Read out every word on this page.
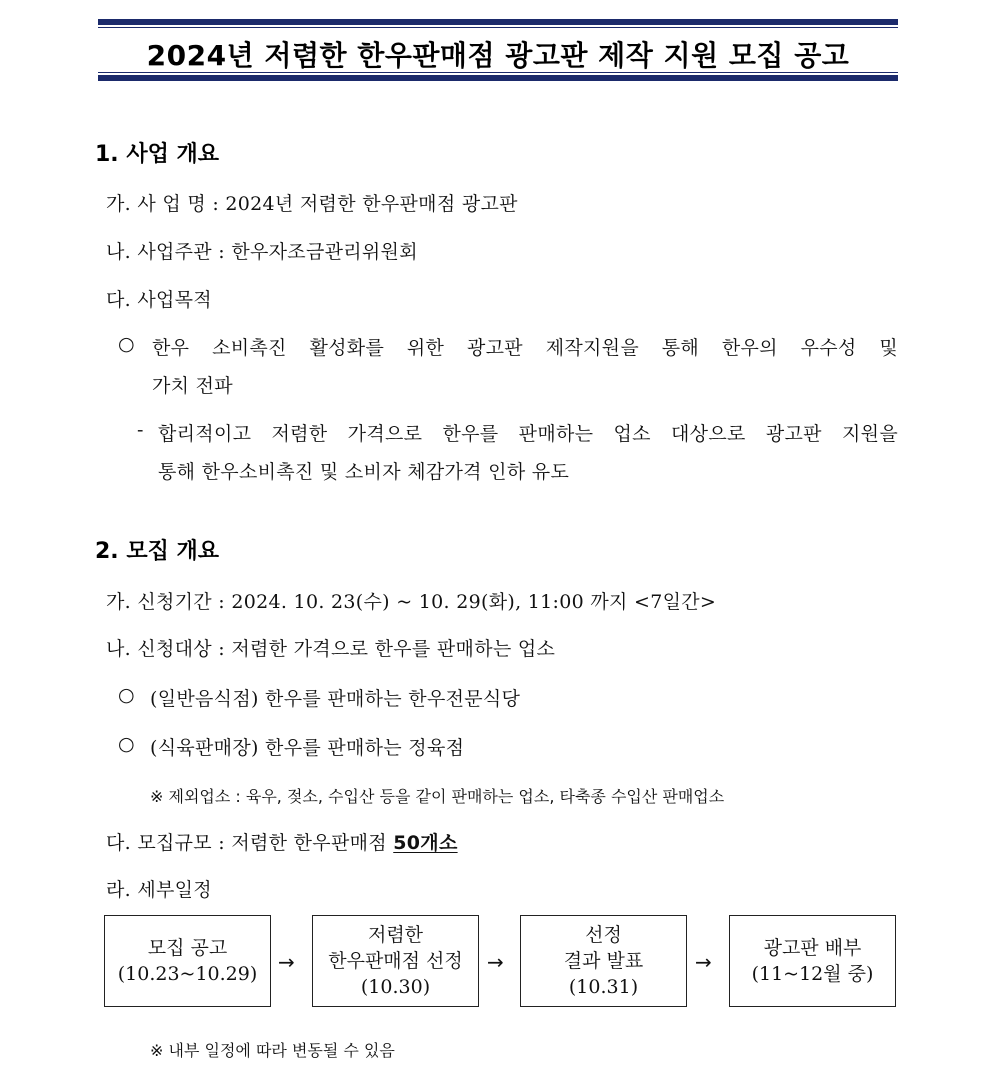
2024년 저렴한 한우판매점 광고판 제작 지원 모집 공고
1. 사업 개요
가. 사 업 명 : 2024년 저렴한 한우판매점 광고판
나. 사업주관 : 한우자조금관리위원회
다. 사업목적
○ 한우 소비촉진 활성화를 위한 광고판 제작지원을 통해 한우의 우수성 및
가치 전파
- 합리적이고 저렴한 가격으로 한우를 판매하는 업소 대상으로 광고판 지원을
통해 한우소비촉진 및 소비자 체감가격 인하 유도
2. 모집 개요
가. 신청기간 : 2024. 10. 23(수) ~ 10. 29(화), 11:00 까지 <7일간>
나. 신청대상 : 저렴한 가격으로 한우를 판매하는 업소
○ (일반음식점) 한우를 판매하는 한우전문식당
○ (식육판매장) 한우를 판매하는 정육점
※ 제외업소 : 육우, 젖소, 수입산 등을 같이 판매하는 업소, 타축종 수입산 판매업소
다. 모집규모 : 저렴한 한우판매점 50개소
라. 세부일정
모집 공고
(10.23~10.29) →
저렴한
한우판매점 선정
(10.30)
→
선정
결과 발표
(10.31)
→
광고판 배부
(11~12월 중)
※ 내부 일정에 따라 변동될 수 있음
